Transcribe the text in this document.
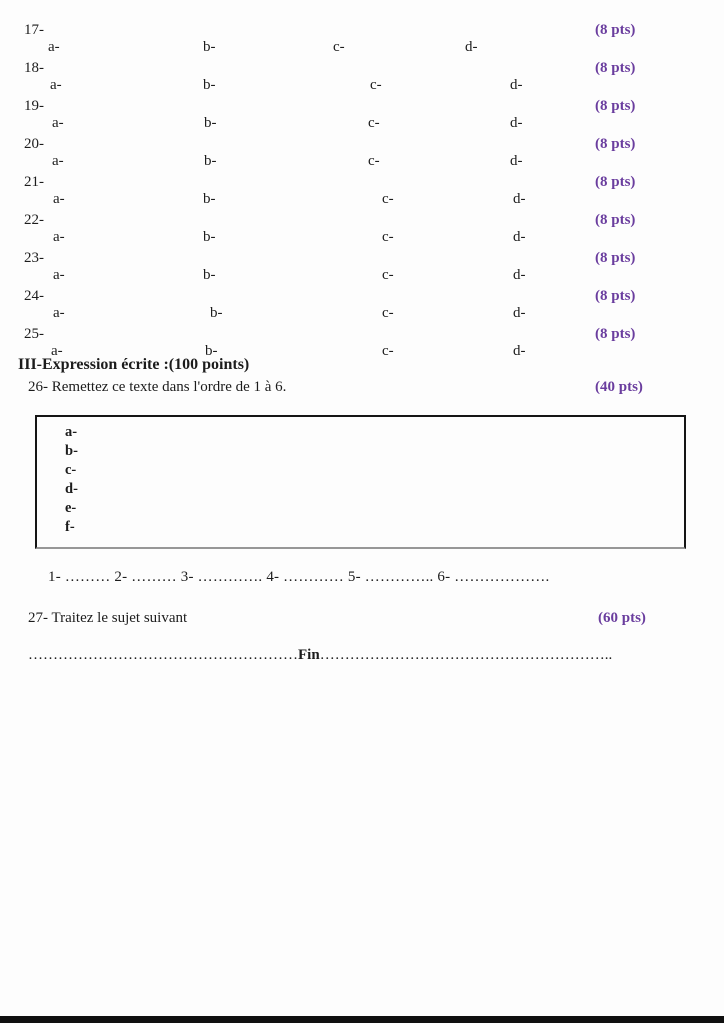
17-	(8 pts)
a-	b-	c-	d-
18-	(8 pts)
a-	b-	c-	d-
19-	(8 pts)
a-	b-	c-	d-
20-	(8 pts)
a-	b-	c-	d-
21-	(8 pts)
a-	b-	c-	d-
22-	(8 pts)
a-	b-	c-	d-
23-	(8 pts)
a-	b-	c-	d-
24-	(8 pts)
a-	b-	c-	d-
25-	(8 pts)
a-	b-	c-	d-
III-Expression écrite :(100 points)
26- Remettez ce texte dans l'ordre de 1 à 6.	(40 pts)
a-
b-
c-
d-
e-
f-
1- ……… 2- ……… 3- …………. 4- ………… 5- ………….. 6- ……………….
27- Traitez le sujet suivant	(60 pts)
………………………………………………Fin…………………………………………………..
